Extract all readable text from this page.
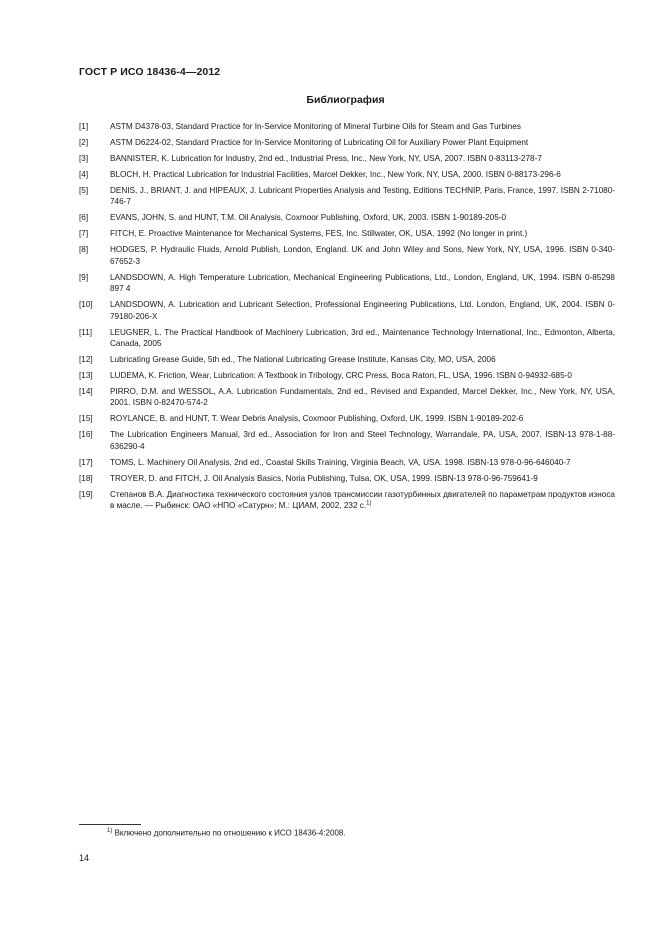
ГОСТ Р ИСО 18436-4—2012
Библиография
[1]	ASTM D4378-03, Standard Practice for In-Service Monitoring of Mineral Turbine Oils for Steam and Gas Turbines
[2]	ASTM D6224-02, Standard Practice for In-Service Monitoring of Lubricating Oil for Auxiliary Power Plant Equipment
[3]	BANNISTER, K. Lubrication for Industry, 2nd ed., Industrial Press, Inc., New York, NY, USA, 2007. ISBN 0-83113-278-7
[4]	BLOCH, H. Practical Lubrication for Industrial Facilities, Marcel Dekker, Inc., New York, NY, USA, 2000. ISBN 0-88173-296-6
[5]	DENIS, J., BRIANT, J. and HIPEAUX, J. Lubricant Properties Analysis and Testing, Editions TECHNIP, Paris, France, 1997. ISBN 2-71080-746-7
[6]	EVANS, JOHN, S. and HUNT, T.M. Oil Analysis, Coxmoor Publishing, Oxford, UK, 2003. ISBN 1-90189-205-0
[7]	FITCH, E. Proactive Maintenance for Mechanical Systems, FES, Inc. Stillwater, OK, USA, 1992 (No longer in print.)
[8]	HODGES, P. Hydraulic Fluids, Arnold Publish, London, England. UK and John Wiley and Sons, New York, NY, USA, 1996. ISBN 0-340-67652-3
[9]	LANDSDOWN, A. High Temperature Lubrication, Mechanical Engineering Publications, Ltd., London, England, UK, 1994. ISBN 0-85298 897 4
[10]	LANDSDOWN, A. Lubrication and Lubricant Selection, Professional Engineering Publications, Ltd. London, England, UK, 2004. ISBN 0-79180-206-X
[11]	LEUGNER, L. The Practical Handbook of Machinery Lubrication, 3rd ed., Maintenance Technology International, Inc., Edmonton, Alberta, Canada, 2005
[12]	Lubricating Grease Guide, 5th ed., The National Lubricating Grease Institute, Kansas City, MO, USA, 2006
[13]	LUDEMA, K. Friction, Wear, Lubrication: A Textbook in Tribology, CRC Press, Boca Raton, FL, USA, 1996. ISBN 0-94932-685-0
[14]	PIRRO, D.M. and WESSOL, A.A. Lubrication Fundamentals, 2nd ed., Revised and Expanded, Marcel Dekker, Inc., New York, NY, USA, 2001. ISBN 0-82470-574-2
[15]	ROYLANCE, B. and HUNT, T. Wear Debris Analysis, Coxmoor Publishing, Oxford, UK, 1999. ISBN 1-90189-202-6
[16]	The Lubrication Engineers Manual, 3rd ed., Association for Iron and Steel Technology, Warrandale, PA, USA, 2007. ISBN-13 978-1-88-636290-4
[17]	TOMS, L. Machinery Oil Analysis, 2nd ed., Coastal Skills Training, Virginia Beach, VA, USA. 1998. ISBN-13 978-0-96-646040-7
[18]	TROYER, D. and FITCH, J. Oil Analysis Basics, Noria Publishing, Tulsa, OK, USA, 1999. ISBN-13 978-0-96-759641-9
[19]	Степанов В.А. Диагностика технического состояния узлов трансмиссии газотурбинных двигателей по параметрам продуктов износа в масле. — Рыбинск: ОАО «НПО «Сатурн»; М.: ЦИАМ, 2002, 232 с.$^{1)}$
$^{1)}$ Включено дополнительно по отношению к ИСО 18436-4:2008.
14
